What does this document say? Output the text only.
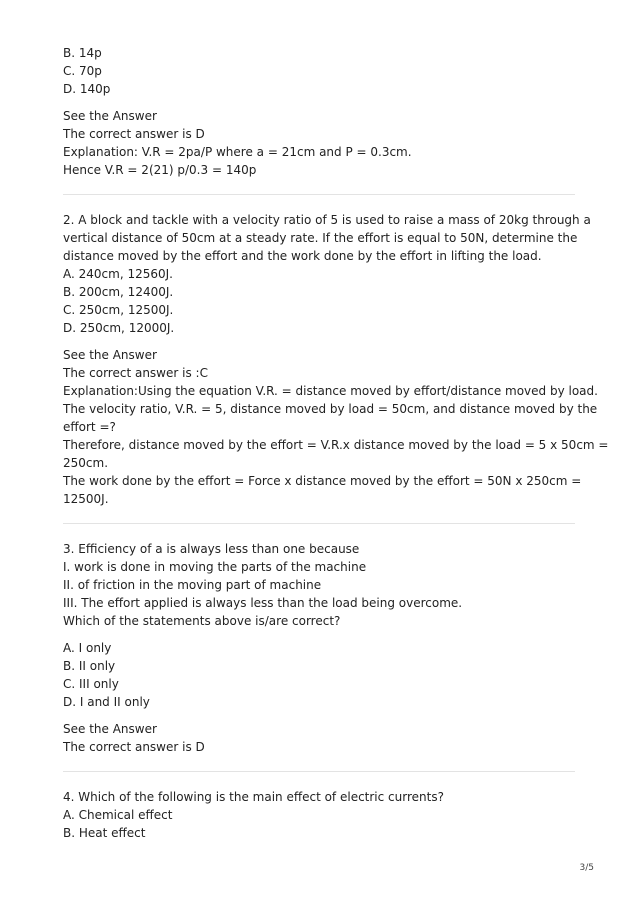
B. 14p
C. 70p
D. 140p
See the Answer
The correct answer is D
Explanation: V.R = 2pa/P where a = 21cm and P = 0.3cm.
Hence V.R = 2(21) p/0.3 = 140p
2. A block and tackle with a velocity ratio of 5 is used to raise a mass of 20kg through a
vertical distance of 50cm at a steady rate. If the effort is equal to 50N, determine the
distance moved by the effort and the work done by the effort in lifting the load.
A. 240cm, 12560J.
B. 200cm, 12400J.
C. 250cm, 12500J.
D. 250cm, 12000J.
See the Answer
The correct answer is :C
Explanation:Using the equation V.R. = distance moved by effort/distance moved by load.
The velocity ratio, V.R. = 5, distance moved by load = 50cm, and distance moved by the
effort =?
Therefore, distance moved by the effort = V.R.x distance moved by the load = 5 x 50cm =
250cm.
The work done by the effort = Force x distance moved by the effort = 50N x 250cm =
12500J.
3. Efficiency of a is always less than one because
I. work is done in moving the parts of the machine
II. of friction in the moving part of machine
III. The effort applied is always less than the load being overcome.
Which of the statements above is/are correct?
A. I only
B. II only
C. III only
D. I and II only
See the Answer
The correct answer is D
4. Which of the following is the main effect of electric currents?
A. Chemical effect
B. Heat effect
3/5
